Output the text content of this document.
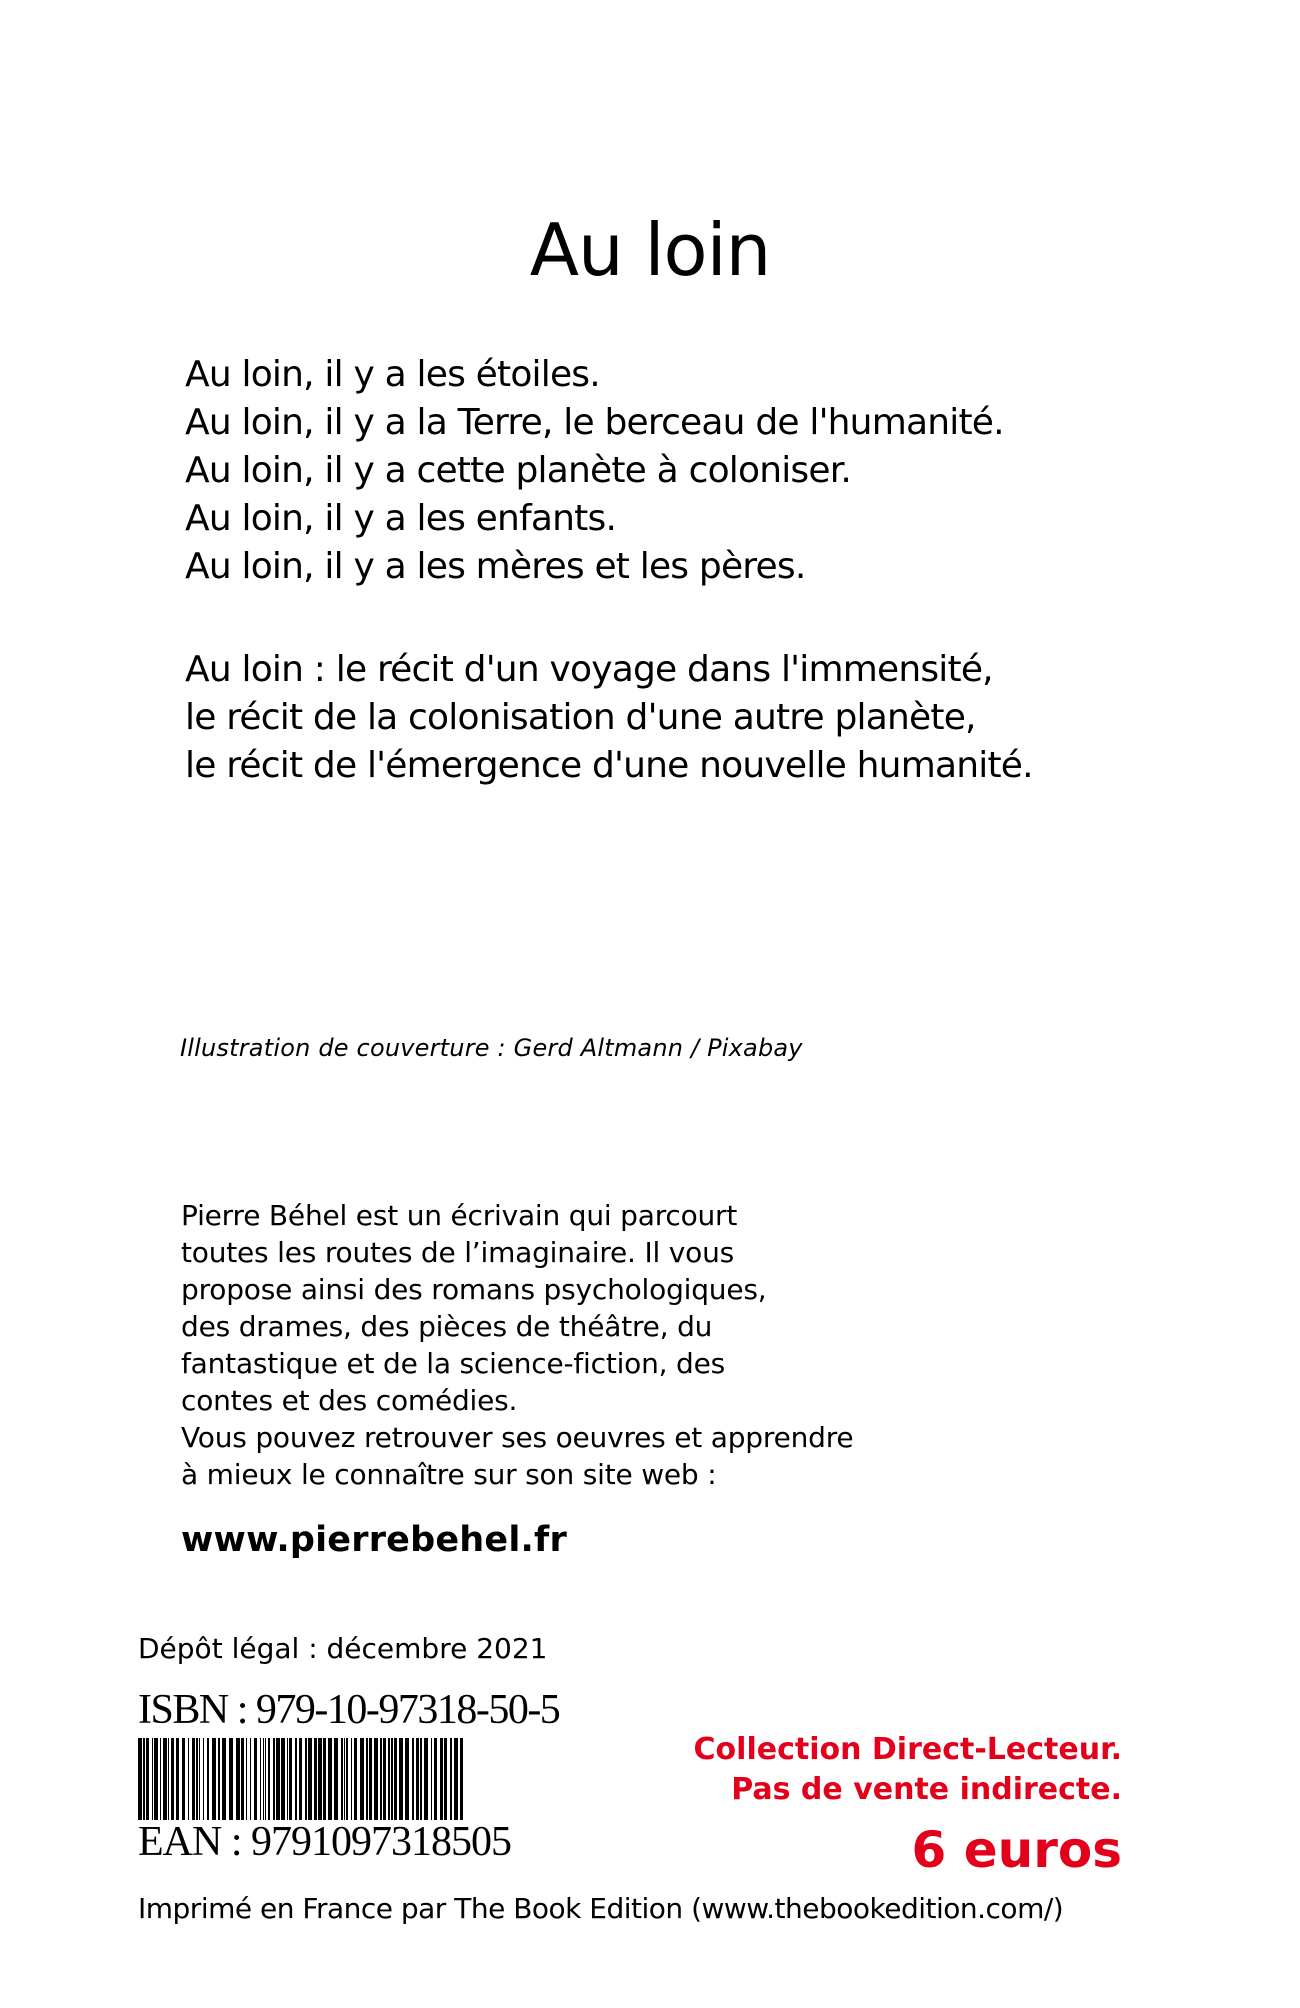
Au loin
Au loin, il y a les étoiles.
Au loin, il y a la Terre, le berceau de l'humanité.
Au loin, il y a cette planète à coloniser.
Au loin, il y a les enfants.
Au loin, il y a les mères et les pères.
Au loin : le récit d'un voyage dans l'immensité,
le récit de la colonisation d'une autre planète,
le récit de l'émergence d'une nouvelle humanité.
Illustration de couverture : Gerd Altmann / Pixabay
Pierre Béhel est un écrivain qui parcourt
toutes les routes de l’imaginaire. Il vous
propose ainsi des romans psychologiques,
des drames, des pièces de théâtre, du
fantastique et de la science-fiction, des
contes et des comédies.
Vous pouvez retrouver ses oeuvres et apprendre
à mieux le connaître sur son site web :
www.pierrebehel.fr
Dépôt légal : décembre 2021
ISBN : 979-10-97318-50-5
EAN : 9791097318505
Collection Direct-Lecteur.
Pas de vente indirecte.
6 euros
Imprimé en France par The Book Edition (www.thebookedition.com/)
